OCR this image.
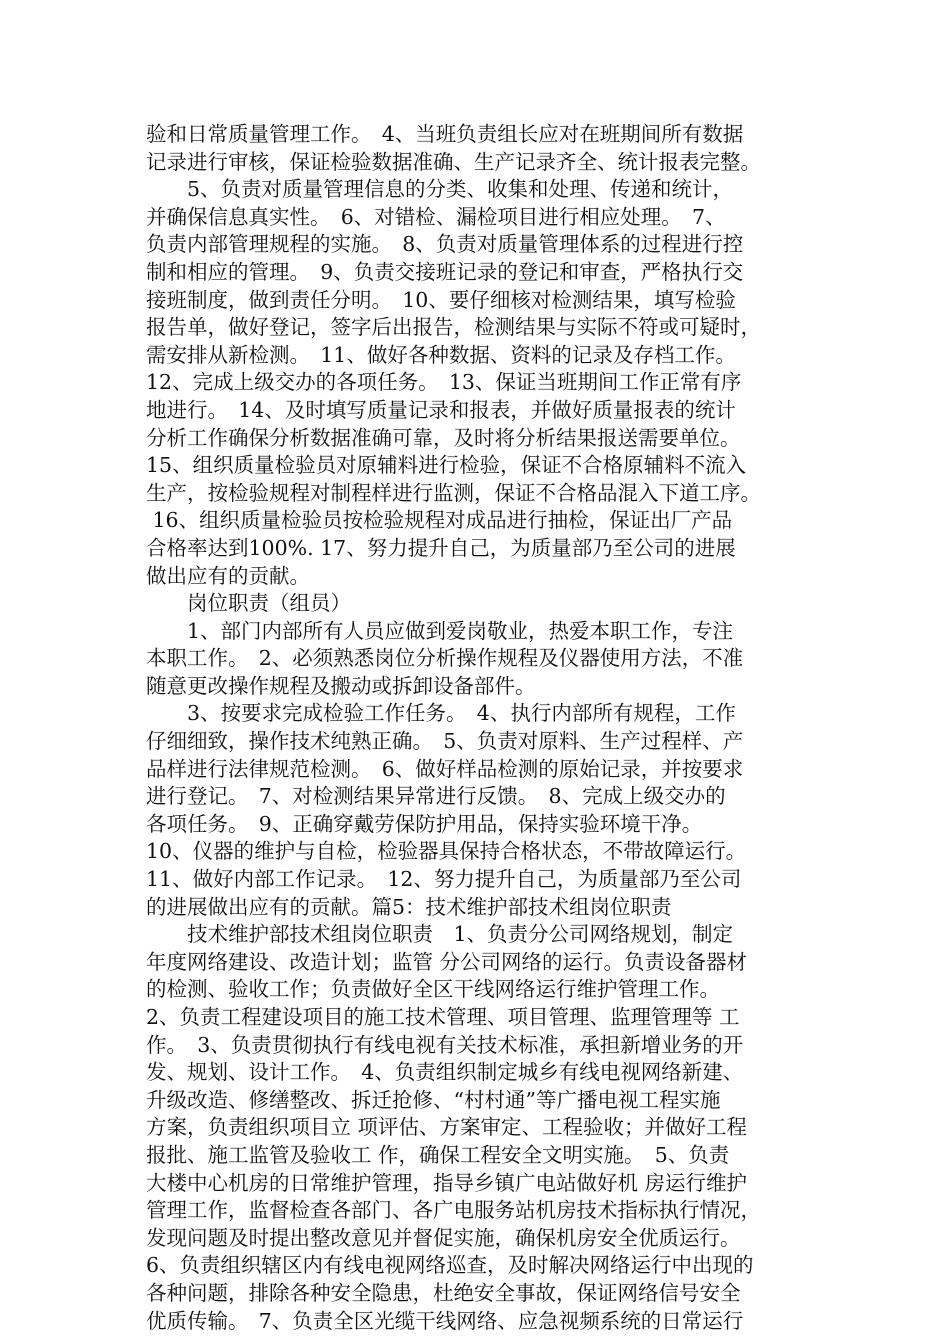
验和日常质量管理工作。　4、当班负责组长应对在班期间所有数据
记录进行审核，保证检验数据准确、生产记录齐全、统计报表完整。
　　5、负责对质量管理信息的分类、收集和处理、传递和统计，
并确保信息真实性。　6、对错检、漏检项目进行相应处理。　7、
负责内部管理规程的实施。　8、负责对质量管理体系的过程进行控
制和相应的管理。　9、负责交接班记录的登记和审查，严格执行交
接班制度，做到责任分明。　10、要仔细核对检测结果，填写检验
报告单，做好登记，签字后出报告，检测结果与实际不符或可疑时，
需安排从新检测。　11、做好各种数据、资料的记录及存档工作。
12、完成上级交办的各项任务。　13、保证当班期间工作正常有序
地进行。　14、及时填写质量记录和报表，并做好质量报表的统计
分析工作确保分析数据准确可靠，及时将分析结果报送需要单位。
15、组织质量检验员对原辅料进行检验，保证不合格原辅料不流入
生产，按检验规程对制程样进行监测，保证不合格品混入下道工序。
16、组织质量检验员按检验规程对成品进行抽检，保证出厂产品
合格率达到100%. 17、努力提升自己，为质量部乃至公司的进展
做出应有的贡献。
　　岗位职责（组员）
　　1、部门内部所有人员应做到爱岗敬业，热爱本职工作，专注
本职工作。　2、必须熟悉岗位分析操作规程及仪器使用方法，不准
随意更改操作规程及搬动或拆卸设备部件。
　　3、按要求完成检验工作任务。　4、执行内部所有规程，工作
仔细细致，操作技术纯熟正确。　5、负责对原料、生产过程样、产
品样进行法律规范检测。　6、做好样品检测的原始记录，并按要求
进行登记。　7、对检测结果异常进行反馈。　8、完成上级交办的
各项任务。　9、正确穿戴劳保防护用品，保持实验环境干净。
10、仪器的维护与自检，检验器具保持合格状态，不带故障运行。
11、做好内部工作记录。　12、努力提升自己，为质量部乃至公司
的进展做出应有的贡献。篇5：技术维护部技术组岗位职责
　　技术维护部技术组岗位职责　1、负责分公司网络规划，制定
年度网络建设、改造计划；监管 分公司网络的运行。负责设备器材
的检测、验收工作；负责做好全区干线网络运行维护管理工作。
2、负责工程建设项目的施工技术管理、项目管理、监理管理等 工
作。　3、负责贯彻执行有线电视有关技术标准，承担新增业务的开
发、规划、设计工作。　4、负责组织制定城乡有线电视网络新建、
升级改造、修缮整改、拆迁抢修、“村村通”等广播电视工程实施
方案，负责组织项目立 项评估、方案审定、工程验收；并做好工程
报批、施工监管及验收工 作，确保工程安全文明实施。　5、负责
大楼中心机房的日常维护管理，指导乡镇广电站做好机 房运行维护
管理工作，监督检查各部门、各广电服务站机房技术指标执行情况，
发现问题及时提出整改意见并督促实施，确保机房安全优质运行。
6、负责组织辖区内有线电视网络巡查，及时解决网络运行中出现的
各种问题，排除各种安全隐患，杜绝安全事故，保证网络信号安全
优质传输。　7、负责全区光缆干线网络、应急视频系统的日常运行
